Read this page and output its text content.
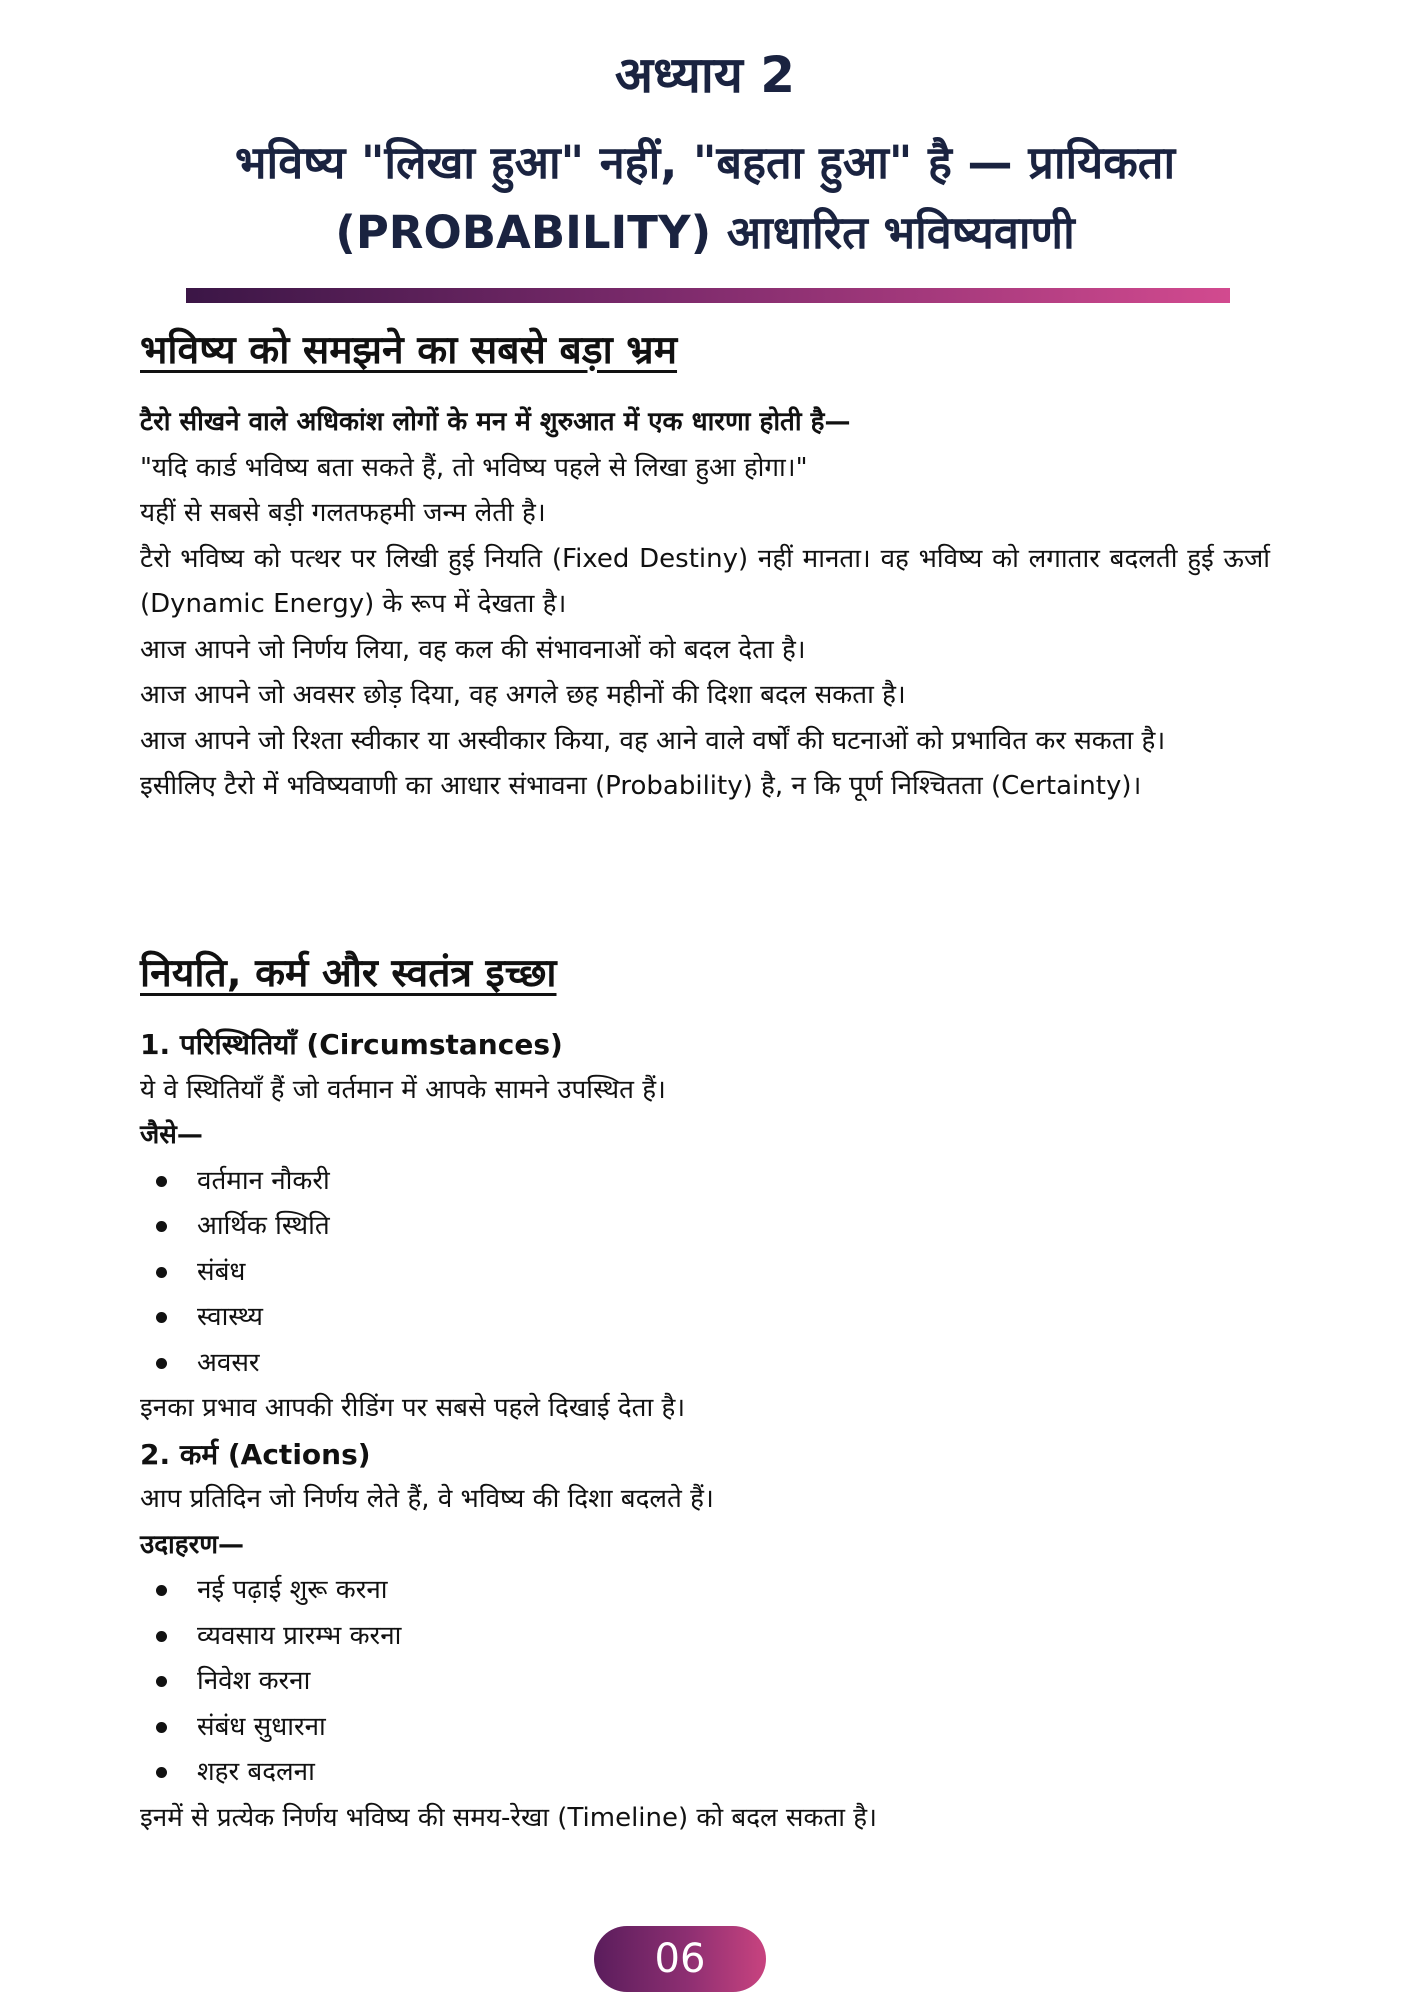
अध्याय 2
भविष्य "लिखा हुआ" नहीं, "बहता हुआ" है — प्रायिकता
(PROBABILITY) आधारित भविष्यवाणी
भविष्य को समझने का सबसे बड़ा भ्रम

टैरो सीखने वाले अधिकांश लोगों के मन में शुरुआत में एक धारणा होती है—

"यदि कार्ड भविष्य बता सकते हैं, तो भविष्य पहले से लिखा हुआ होगा।"

यहीं से सबसे बड़ी गलतफहमी जन्म लेती है।

टैरो भविष्य को पत्थर पर लिखी हुई नियति (Fixed Destiny) नहीं मानता। वह भविष्य को लगातार बदलती हुई ऊर्जा (Dynamic Energy) के रूप में देखता है।

आज आपने जो निर्णय लिया, वह कल की संभावनाओं को बदल देता है।

आज आपने जो अवसर छोड़ दिया, वह अगले छह महीनों की दिशा बदल सकता है।

आज आपने जो रिश्ता स्वीकार या अस्वीकार किया, वह आने वाले वर्षों की घटनाओं को प्रभावित कर सकता है।

इसीलिए टैरो में भविष्यवाणी का आधार संभावना (Probability) है, न कि पूर्ण निश्चितता (Certainty)।

नियति, कर्म और स्वतंत्र इच्छा

1. परिस्थितियाँ (Circumstances)

ये वे स्थितियाँ हैं जो वर्तमान में आपके सामने उपस्थित हैं।

जैसे—

वर्तमान नौकरी
आर्थिक स्थिति
संबंध
स्वास्थ्य
अवसर

इनका प्रभाव आपकी रीडिंग पर सबसे पहले दिखाई देता है।

2. कर्म (Actions)

आप प्रतिदिन जो निर्णय लेते हैं, वे भविष्य की दिशा बदलते हैं।

उदाहरण—

नई पढ़ाई शुरू करना
व्यवसाय प्रारम्भ करना
निवेश करना
संबंध सुधारना
शहर बदलना

इनमें से प्रत्येक निर्णय भविष्य की समय-रेखा (Timeline) को बदल सकता है।

06
